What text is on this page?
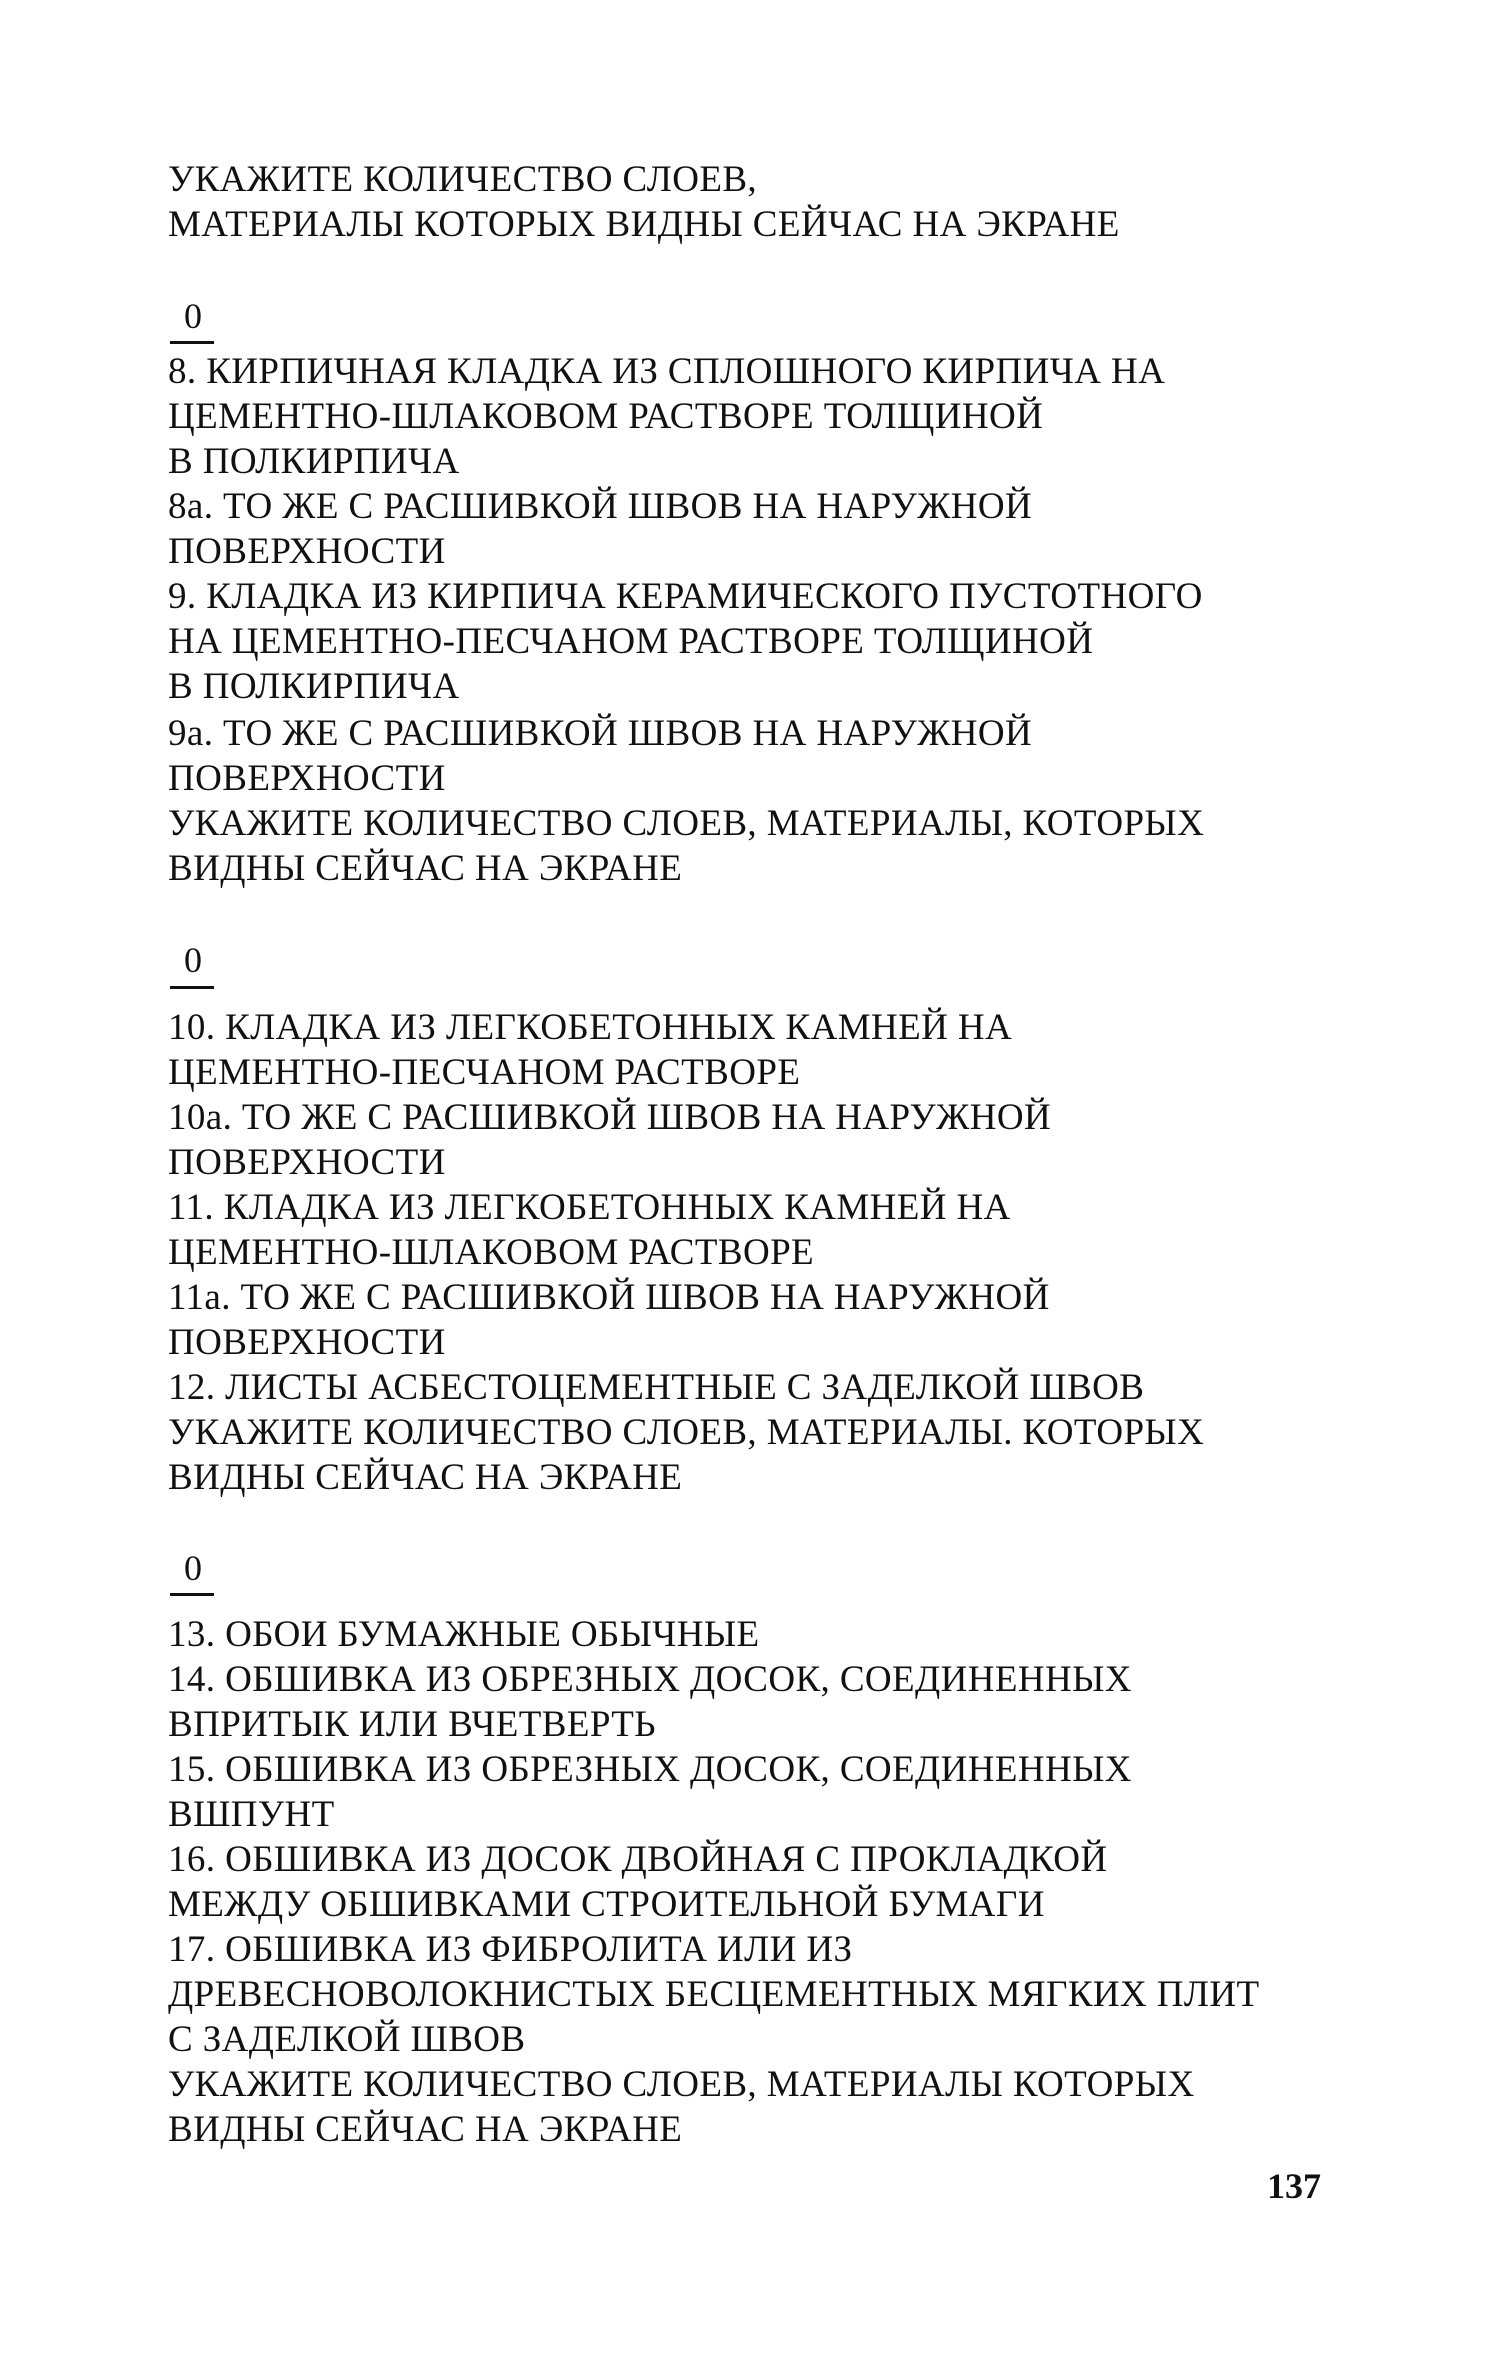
УКАЖИТЕ КОЛИЧЕСТВО СЛОЕВ,
МАТЕРИАЛЫ КОТОРЫХ ВИДНЫ СЕЙЧАС НА ЭКРАНЕ
0
8. КИРПИЧНАЯ КЛАДКА ИЗ СПЛОШНОГО КИРПИЧА НА
ЦЕМЕНТНО-ШЛАКОВОМ РАСТВОРЕ ТОЛЩИНОЙ
В ПОЛКИРПИЧА
8а. ТО ЖЕ С РАСШИВКОЙ ШВОВ НА НАРУЖНОЙ
ПОВЕРХНОСТИ
9. КЛАДКА ИЗ КИРПИЧА КЕРАМИЧЕСКОГО ПУСТОТНОГО
НА ЦЕМЕНТНО-ПЕСЧАНОМ РАСТВОРЕ ТОЛЩИНОЙ
В ПОЛКИРПИЧА
9а. ТО ЖЕ С РАСШИВКОЙ ШВОВ НА НАРУЖНОЙ
ПОВЕРХНОСТИ
УКАЖИТЕ КОЛИЧЕСТВО СЛОЕВ, МАТЕРИАЛЫ, КОТОРЫХ
ВИДНЫ СЕЙЧАС НА ЭКРАНЕ
0
10. КЛАДКА ИЗ ЛЕГКОБЕТОННЫХ КАМНЕЙ НА
ЦЕМЕНТНО-ПЕСЧАНОМ РАСТВОРЕ
10а. ТО ЖЕ С РАСШИВКОЙ ШВОВ НА НАРУЖНОЙ
ПОВЕРХНОСТИ
11. КЛАДКА ИЗ ЛЕГКОБЕТОННЫХ КАМНЕЙ НА
ЦЕМЕНТНО-ШЛАКОВОМ РАСТВОРЕ
11а. ТО ЖЕ С РАСШИВКОЙ ШВОВ НА НАРУЖНОЙ
ПОВЕРХНОСТИ
12. ЛИСТЫ АСБЕСТОЦЕМЕНТНЫЕ С ЗАДЕЛКОЙ ШВОВ
УКАЖИТЕ КОЛИЧЕСТВО СЛОЕВ, МАТЕРИАЛЫ. КОТОРЫХ
ВИДНЫ СЕЙЧАС НА ЭКРАНЕ
0
13. ОБОИ БУМАЖНЫЕ ОБЫЧНЫЕ
14. ОБШИВКА ИЗ ОБРЕЗНЫХ ДОСОК, СОЕДИНЕННЫХ
ВПРИТЫК ИЛИ ВЧЕТВЕРТЬ
15. ОБШИВКА ИЗ ОБРЕЗНЫХ ДОСОК, СОЕДИНЕННЫХ
ВШПУНТ
16. ОБШИВКА ИЗ ДОСОК ДВОЙНАЯ С ПРОКЛАДКОЙ
МЕЖДУ ОБШИВКАМИ СТРОИТЕЛЬНОЙ БУМАГИ
17. ОБШИВКА ИЗ ФИБРОЛИТА ИЛИ ИЗ
ДРЕВЕСНОВОЛОКНИСТЫХ БЕСЦЕМЕНТНЫХ МЯГКИХ ПЛИТ
С ЗАДЕЛКОЙ ШВОВ
УКАЖИТЕ КОЛИЧЕСТВО СЛОЕВ, МАТЕРИАЛЫ КОТОРЫХ
ВИДНЫ СЕЙЧАС НА ЭКРАНЕ
137
